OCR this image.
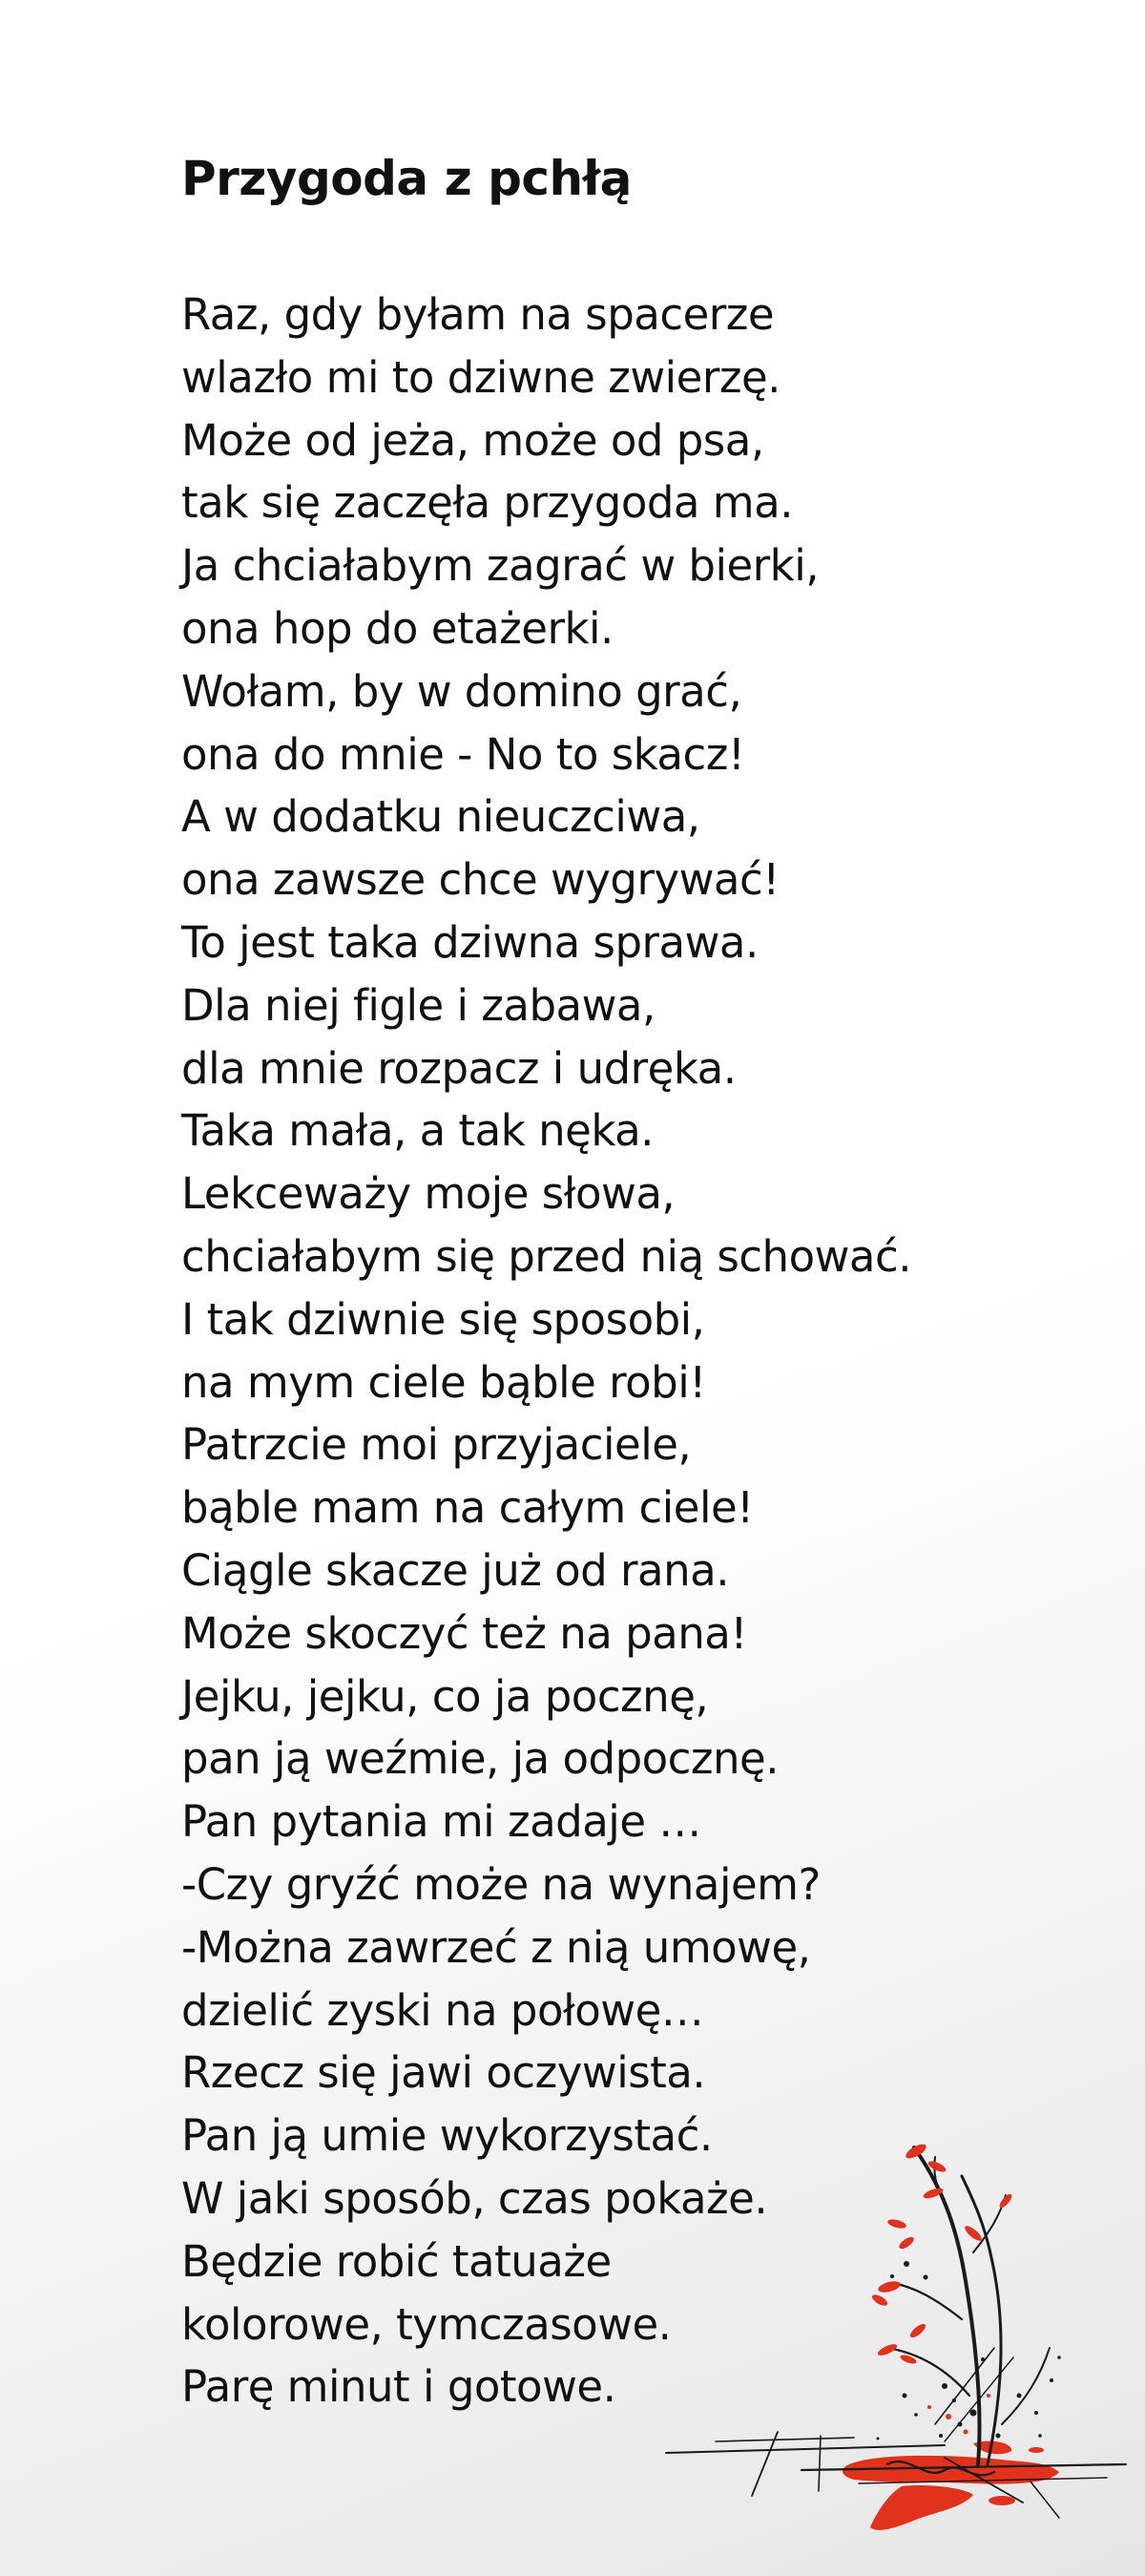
Przygoda z pchłą
Raz, gdy byłam na spacerze
wlazło mi to dziwne zwierzę.
Może od jeża, może od psa,
tak się zaczęła przygoda ma.
Ja chciałabym zagrać w bierki,
ona hop do etażerki.
Wołam, by w domino grać,
ona do mnie - No to skacz!
A w dodatku nieuczciwa,
ona zawsze chce wygrywać!
To jest taka dziwna sprawa.
Dla niej figle i zabawa,
dla mnie rozpacz i udręka.
Taka mała, a tak nęka.
Lekceważy moje słowa,
chciałabym się przed nią schować.
I tak dziwnie się sposobi,
na mym ciele bąble robi!
Patrzcie moi przyjaciele,
bąble mam na całym ciele!
Ciągle skacze już od rana.
Może skoczyć też na pana!
Jejku, jejku, co ja pocznę,
pan ją weźmie, ja odpocznę.
Pan pytania mi zadaje …
-Czy gryźć może na wynajem?
-Można zawrzeć z nią umowę,
dzielić zyski na połowę…
Rzecz się jawi oczywista.
Pan ją umie wykorzystać.
W jaki sposób, czas pokaże.
Będzie robić tatuaże
kolorowe, tymczasowe.
Parę minut i gotowe.
